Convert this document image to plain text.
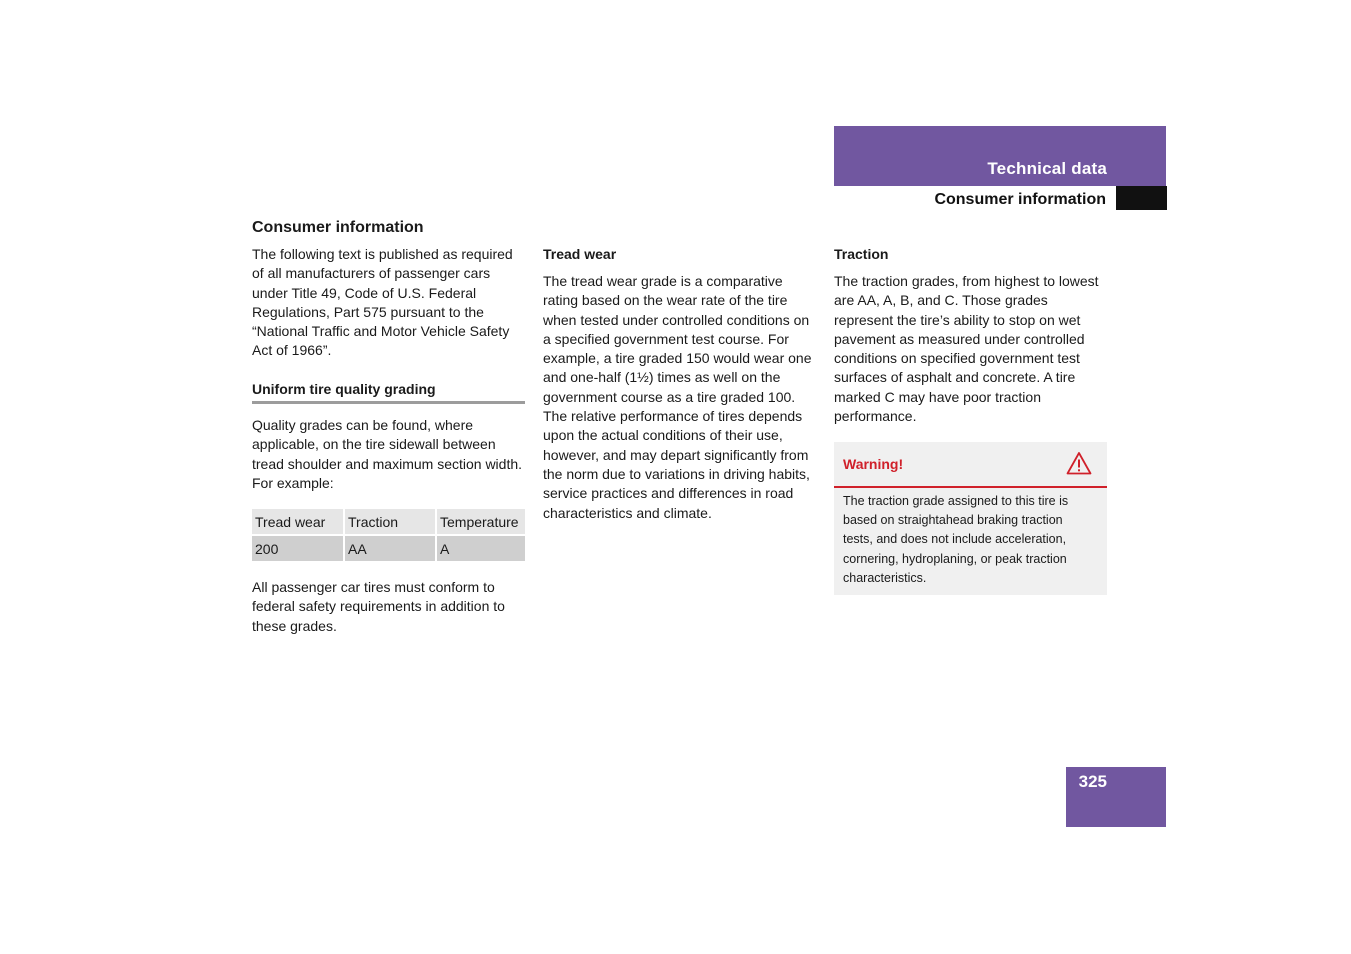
Technical data
Consumer information
Consumer information

The following text is published as required of all manufacturers of passenger cars under Title 49, Code of U.S. Federal Regulations, Part 575 pursuant to the “National Traffic and Motor Vehicle Safety Act of 1966”.

Uniform tire quality grading

Quality grades can be found, where applicable, on the tire sidewall between tread shoulder and maximum section width. For example:

All passenger car tires must conform to federal safety requirements in addition to these grades.

Tread wear	Traction	Temperature
200	AA	A

Tread wear

The tread wear grade is a comparative rating based on the wear rate of the tire when tested under controlled conditions on a specified government test course. For example, a tire graded 150 would wear one and one-half (1½) times as well on the government course as a tire graded 100. The relative performance of tires depends upon the actual conditions of their use, however, and may depart significantly from the norm due to variations in driving habits, service practices and differences in road characteristics and climate.

Traction

The traction grades, from highest to lowest are AA, A, B, and C. Those grades represent the tire’s ability to stop on wet pavement as measured under controlled conditions on specified government test surfaces of asphalt and concrete. A tire marked C may have poor traction performance.

Warning!

The traction grade assigned to this tire is based on straightahead braking traction tests, and does not include acceleration, cornering, hydroplaning, or peak traction characteristics.

325
